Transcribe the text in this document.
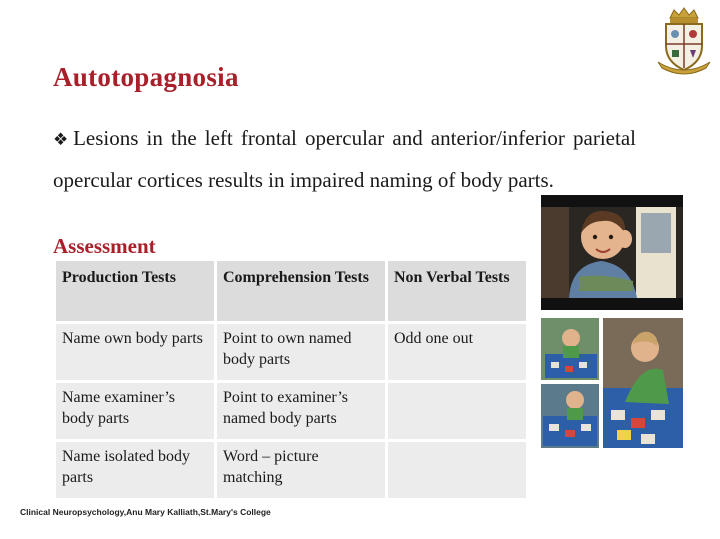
Autotopagnosia
❖Lesions in the left frontal opercular and anterior/inferior parietal opercular cortices results in impaired naming of body parts.
Assessment
Production Tests	Comprehension Tests	Non Verbal Tests
Name own body parts	Point to own named body parts	Odd one out
Name examiner’s body parts	Point to examiner’s named body parts	
Name isolated body parts	Word – picture matching	

Clinical Neuropsychology,Anu Mary Kalliath,St.Mary's College
